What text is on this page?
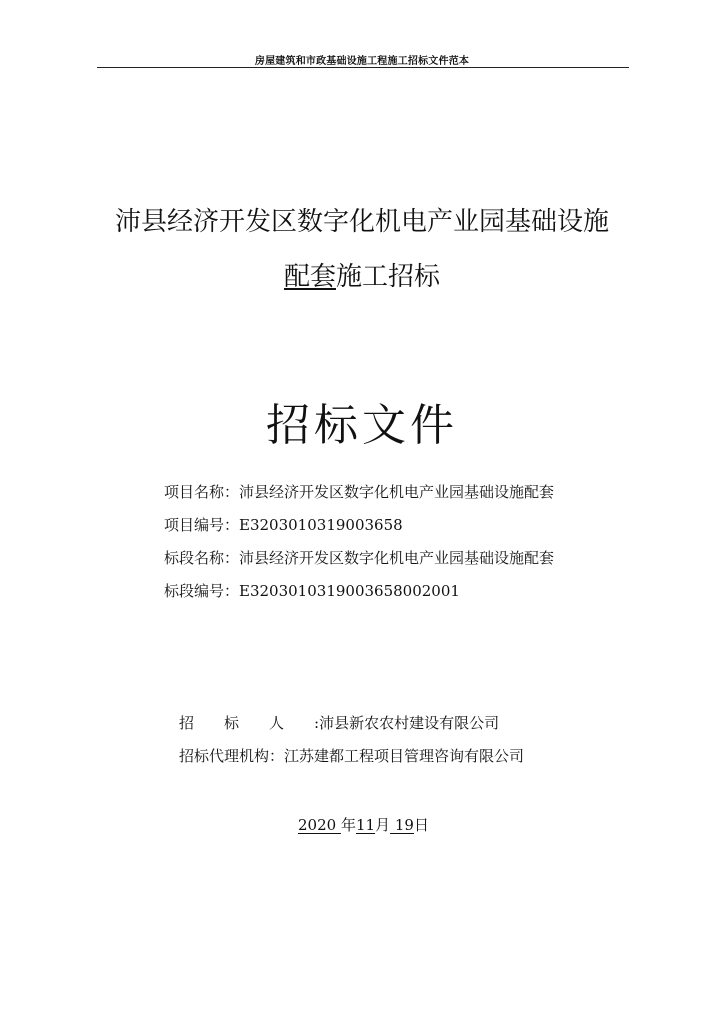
房屋建筑和市政基础设施工程施工招标文件范本
沛县经济开发区数字化机电产业园基础设施
配套施工招标
招标文件
项目名称：沛县经济开发区数字化机电产业园基础设施配套
项目编号：E3203010319003658
标段名称：沛县经济开发区数字化机电产业园基础设施配套
标段编号：E3203010319003658002001
招标人:沛县新农农村建设有限公司
招标代理机构：江苏建都工程项目管理咨询有限公司
2020 年11月 19日
